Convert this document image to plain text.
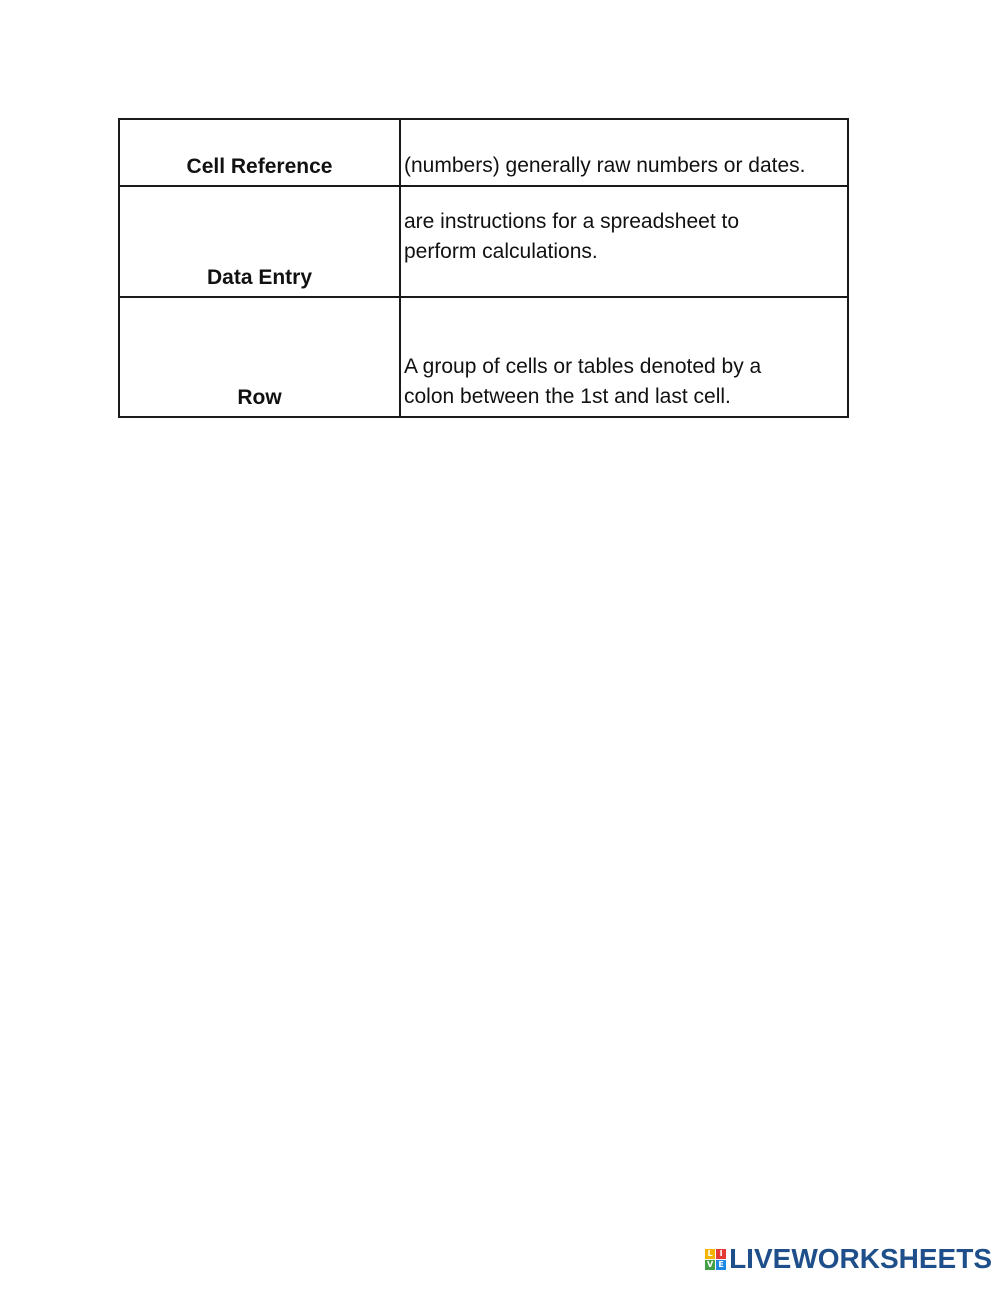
Cell Reference	(numbers) generally raw numbers or dates.
Data Entry	are instructions for a spreadsheet to perform calculations.

Row	A group of cells or tables denoted by a colon between the 1st and last cell.
L I
V E LIVEWORKSHEETS
